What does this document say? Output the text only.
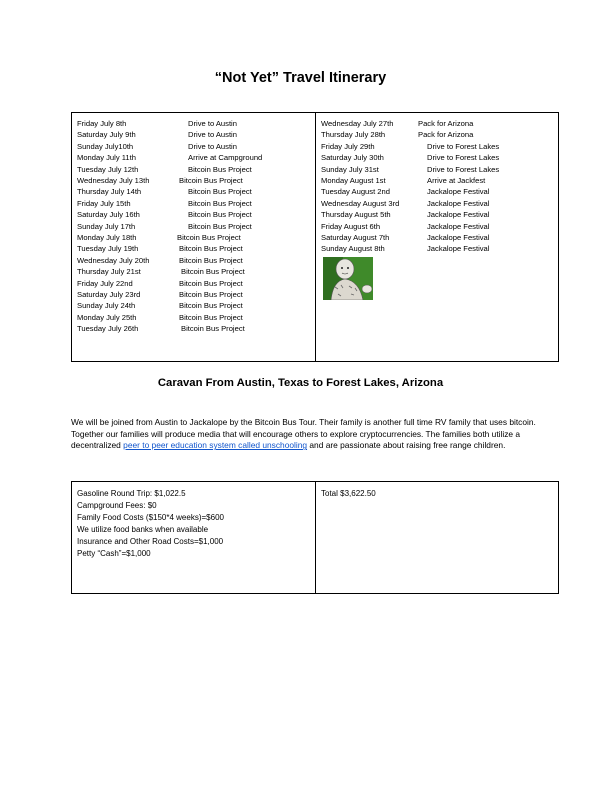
“Not Yet” Travel Itinerary
Friday July 8th	Drive to Austin
Saturday July 9th	Drive to Austin
Sunday July10th	Drive to Austin
Monday July 11th	Arrive at Campground
Tuesday July 12th	Bitcoin Bus Project
Wednesday July 13th	Bitcoin Bus Project
Thursday July 14th	Bitcoin Bus Project
Friday July 15th	Bitcoin Bus Project
Saturday July 16th	Bitcoin Bus Project
Sunday July 17th	Bitcoin Bus Project
Monday July 18th	Bitcoin Bus Project
Tuesday July 19th	Bitcoin Bus Project
Wednesday July 20th	Bitcoin Bus Project
Thursday July 21st	Bitcoin Bus Project
Friday July 22nd	Bitcoin Bus Project
Saturday July 23rd	Bitcoin Bus Project
Sunday July 24th	Bitcoin Bus Project
Monday July 25th	Bitcoin Bus Project
Tuesday July 26th	Bitcoin Bus Project
Wednesday July 27th	Pack for Arizona
Thursday July 28th	Pack for Arizona
Friday July 29th	Drive to Forest Lakes
Saturday July 30th	Drive to Forest Lakes
Sunday July 31st	Drive to Forest Lakes
Monday August 1st	Arrive at Jackfest
Tuesday August 2nd	Jackalope Festival
Wednesday August 3rd	Jackalope Festival
Thursday August 5th	Jackalope Festival
Friday August 6th	Jackalope Festival
Saturday August 7th	Jackalope Festival
Sunday August 8th	Jackalope Festival
Caravan From Austin, Texas to Forest Lakes, Arizona
We will be joined from Austin to Jackalope by the Bitcoin Bus Tour. Their family is another full time RV family that uses bitcoin. Together our families will produce media that will encourage others to explore cryptocurrencies. The families both utilize a decentralized peer to peer education system called unschooling and are passionate about raising free range children.
Gasoline Round Trip: $1,022.5
Campground Fees: $0
Family Food Costs ($150*4 weeks)=$600
We utilize food banks when available
Insurance and Other Road Costs=$1,000
Petty “Cash”=$1,000
Total $3,622.50
